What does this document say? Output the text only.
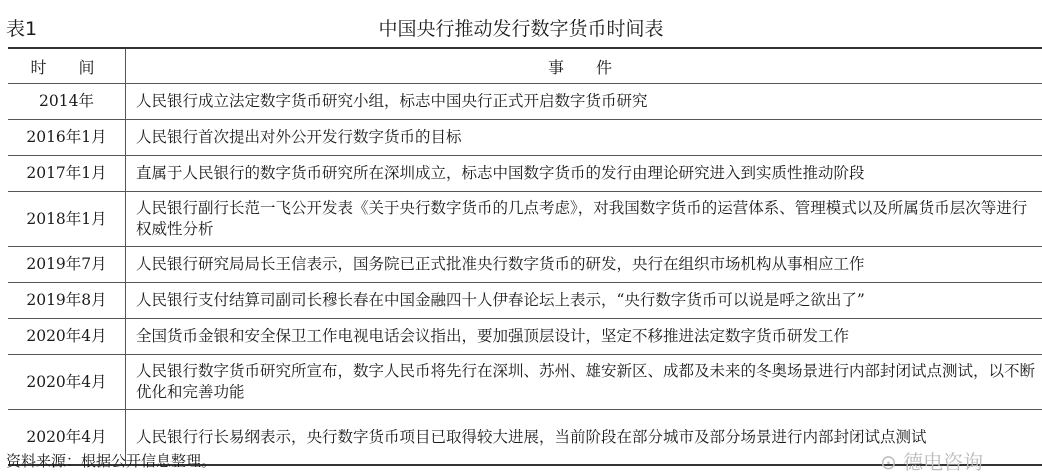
表1	中国央行推动发行数字货币时间表
时　间	事　件
2014年	人民银行成立法定数字货币研究小组，标志中国央行正式开启数字货币研究
2016年1月	人民银行首次提出对外公开发行数字货币的目标
2017年1月	直属于人民银行的数字货币研究所在深圳成立，标志中国数字货币的发行由理论研究进入到实质性推动阶段
2018年1月	人民银行副行长范一飞公开发表《关于央行数字货币的几点考虑》，对我国数字货币的运营体系、管理模式以及所属货币层次等进行权威性分析
2019年7月	人民银行研究局局长王信表示，国务院已正式批准央行数字货币的研发，央行在组织市场机构从事相应工作
2019年8月	人民银行支付结算司副司长穆长春在中国金融四十人伊春论坛上表示，“央行数字货币可以说是呼之欲出了”
2020年4月	全国货币金银和安全保卫工作电视电话会议指出，要加强顶层设计，坚定不移推进法定数字货币研发工作
2020年4月	人民银行数字货币研究所宣布，数字人民币将先行在深圳、苏州、雄安新区、成都及未来的冬奥场景进行内部封闭试点测试，以不断优化和完善功能
2020年4月	人民银行行长易纲表示，央行数字货币项目已取得较大进展，当前阶段在部分城市及部分场景进行内部封闭试点测试
资料来源：根据公开信息整理。	⊙ 德电咨询
